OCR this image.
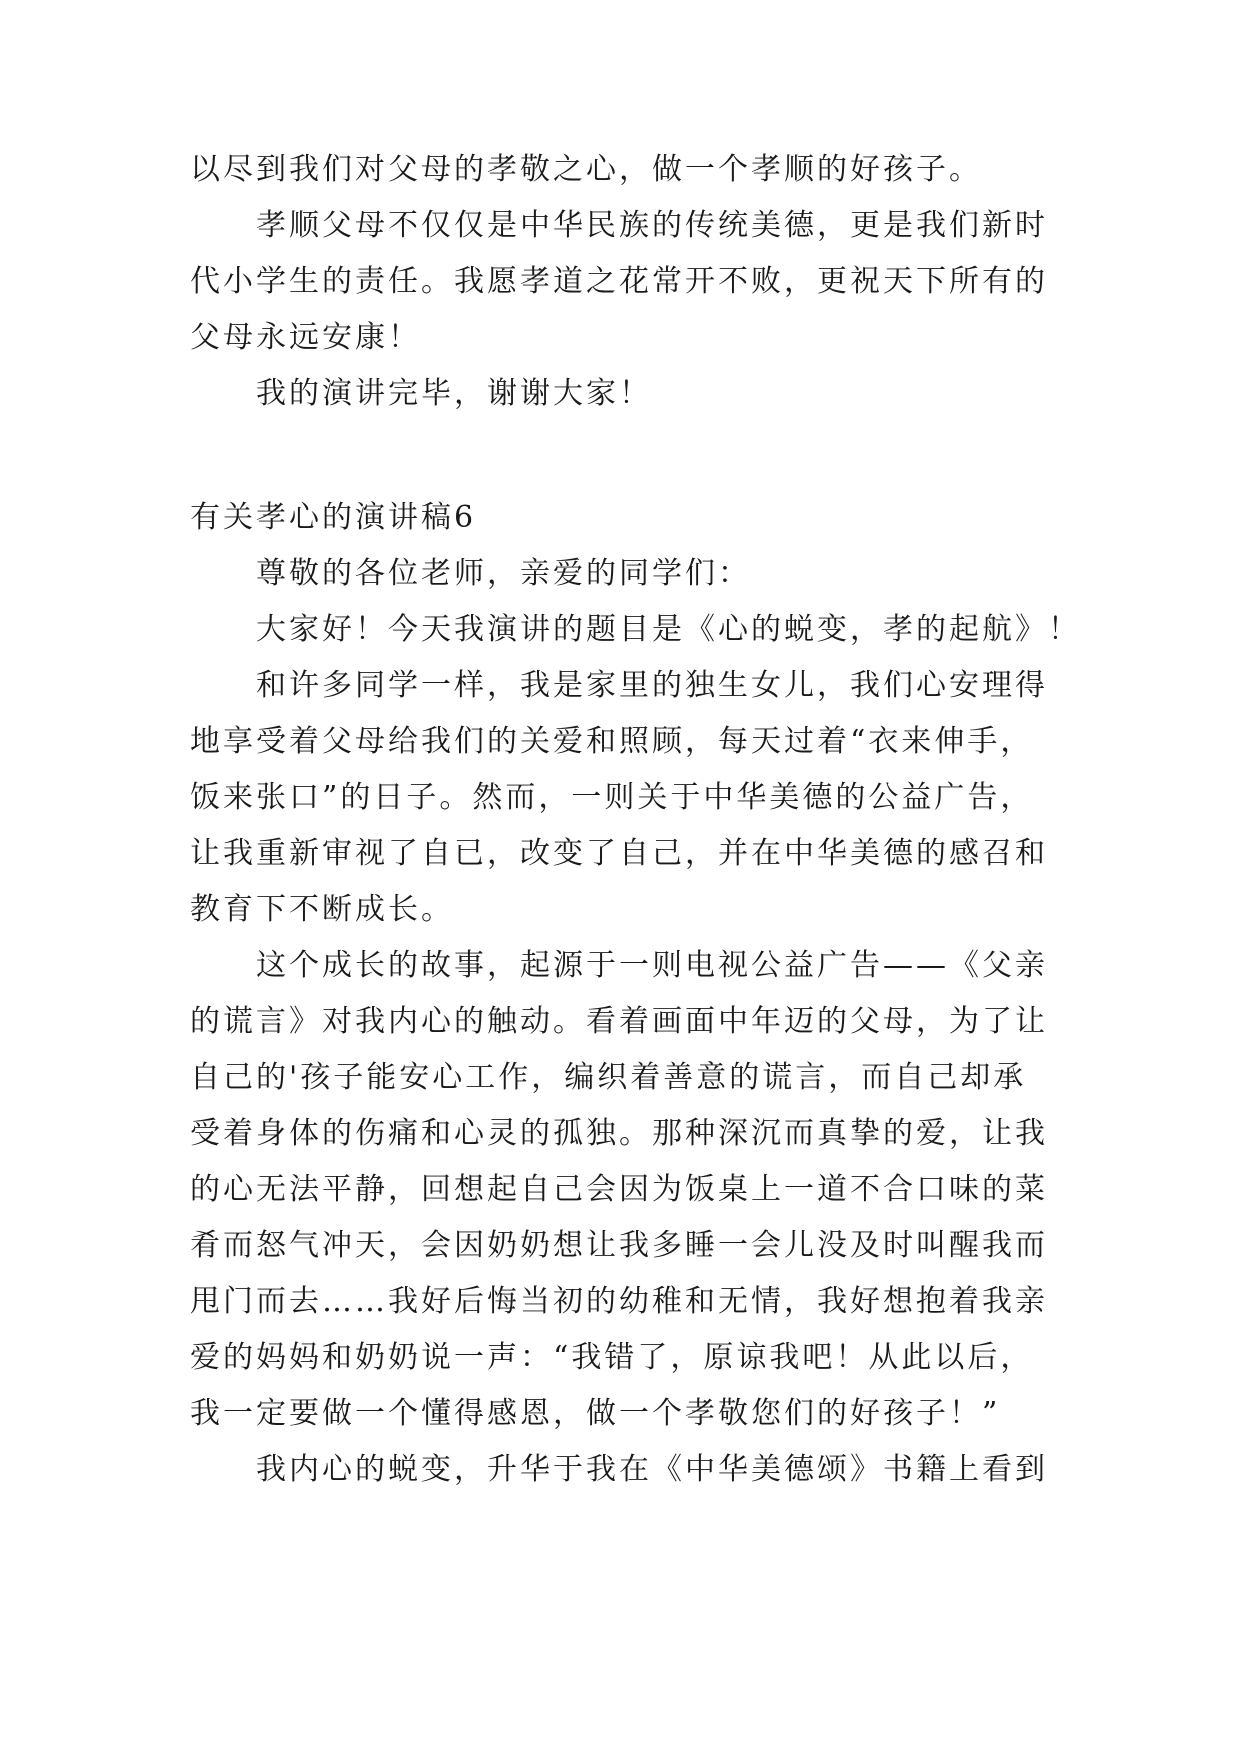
以尽到我们对父母的孝敬之心，做一个孝顺的好孩子。
孝顺父母不仅仅是中华民族的传统美德，更是我们新时
代小学生的责任。我愿孝道之花常开不败，更祝天下所有的
父母永远安康！
我的演讲完毕，谢谢大家！
有关孝心的演讲稿6
尊敬的各位老师，亲爱的同学们：
大家好！今天我演讲的题目是《心的蜕变，孝的起航》！
和许多同学一样，我是家里的独生女儿，我们心安理得
地享受着父母给我们的关爱和照顾，每天过着“衣来伸手，
饭来张口”的日子。然而，一则关于中华美德的公益广告，
让我重新审视了自已，改变了自己，并在中华美德的感召和
教育下不断成长。
这个成长的故事，起源于一则电视公益广告——《父亲
的谎言》对我内心的触动。看着画面中年迈的父母，为了让
自己的'孩子能安心工作，编织着善意的谎言，而自己却承
受着身体的伤痛和心灵的孤独。那种深沉而真挚的爱，让我
的心无法平静，回想起自己会因为饭桌上一道不合口味的菜
肴而怒气冲天，会因奶奶想让我多睡一会儿没及时叫醒我而
甩门而去……我好后悔当初的幼稚和无情，我好想抱着我亲
爱的妈妈和奶奶说一声：“我错了，原谅我吧！从此以后，
我一定要做一个懂得感恩，做一个孝敬您们的好孩子！”
我内心的蜕变，升华于我在《中华美德颂》书籍上看到
